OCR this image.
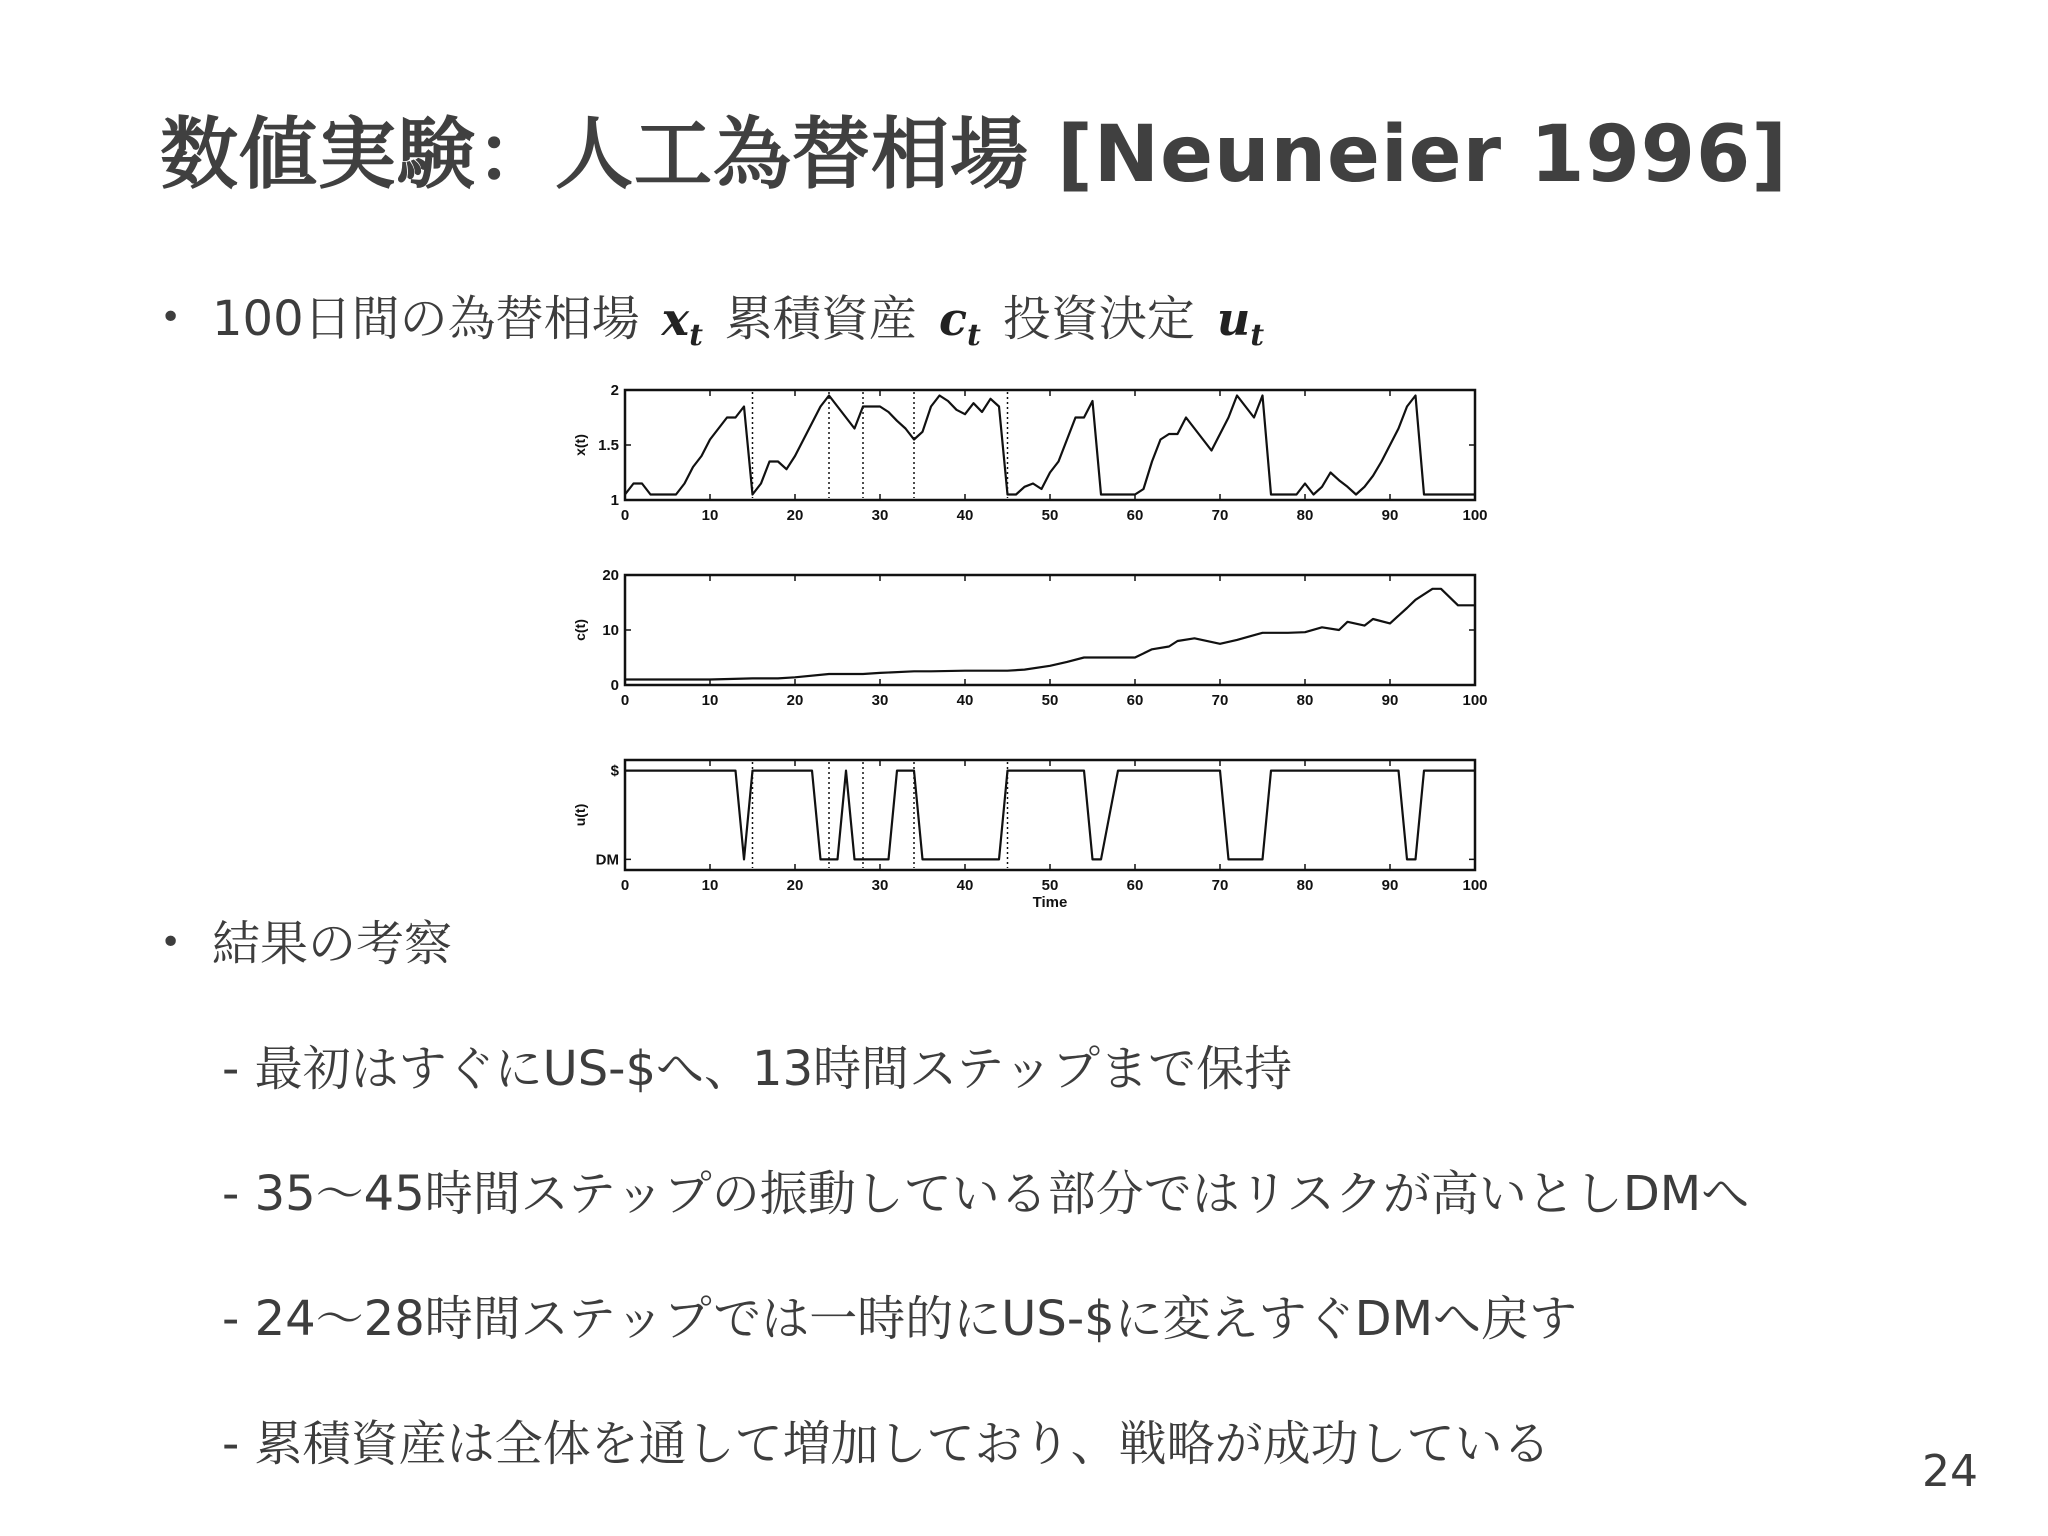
数値実験：人工為替相場 [Neuneier 1996]
• 100日間の為替相場 $x_t$ 累積資産 $c_t$ 投資決定 $u_t$
0	10	20	30	40	50	60	70	80	90	100
1
1.5
2
x(t)
0	10	20	30	40	50	60	70	80	90	100
0
10
20
c(t)
0	10	20	30	40	50	60	70	80	90	100
DM
$
u(t)
Time
• 結果の考察
- 最初はすぐにUS-$へ、13時間ステップまで保持
- 35〜45時間ステップの振動している部分ではリスクが高いとしDMへ
- 24〜28時間ステップでは一時的にUS-$に変えすぐDMへ戻す
- 累積資産は全体を通して増加しており、戦略が成功している	24
